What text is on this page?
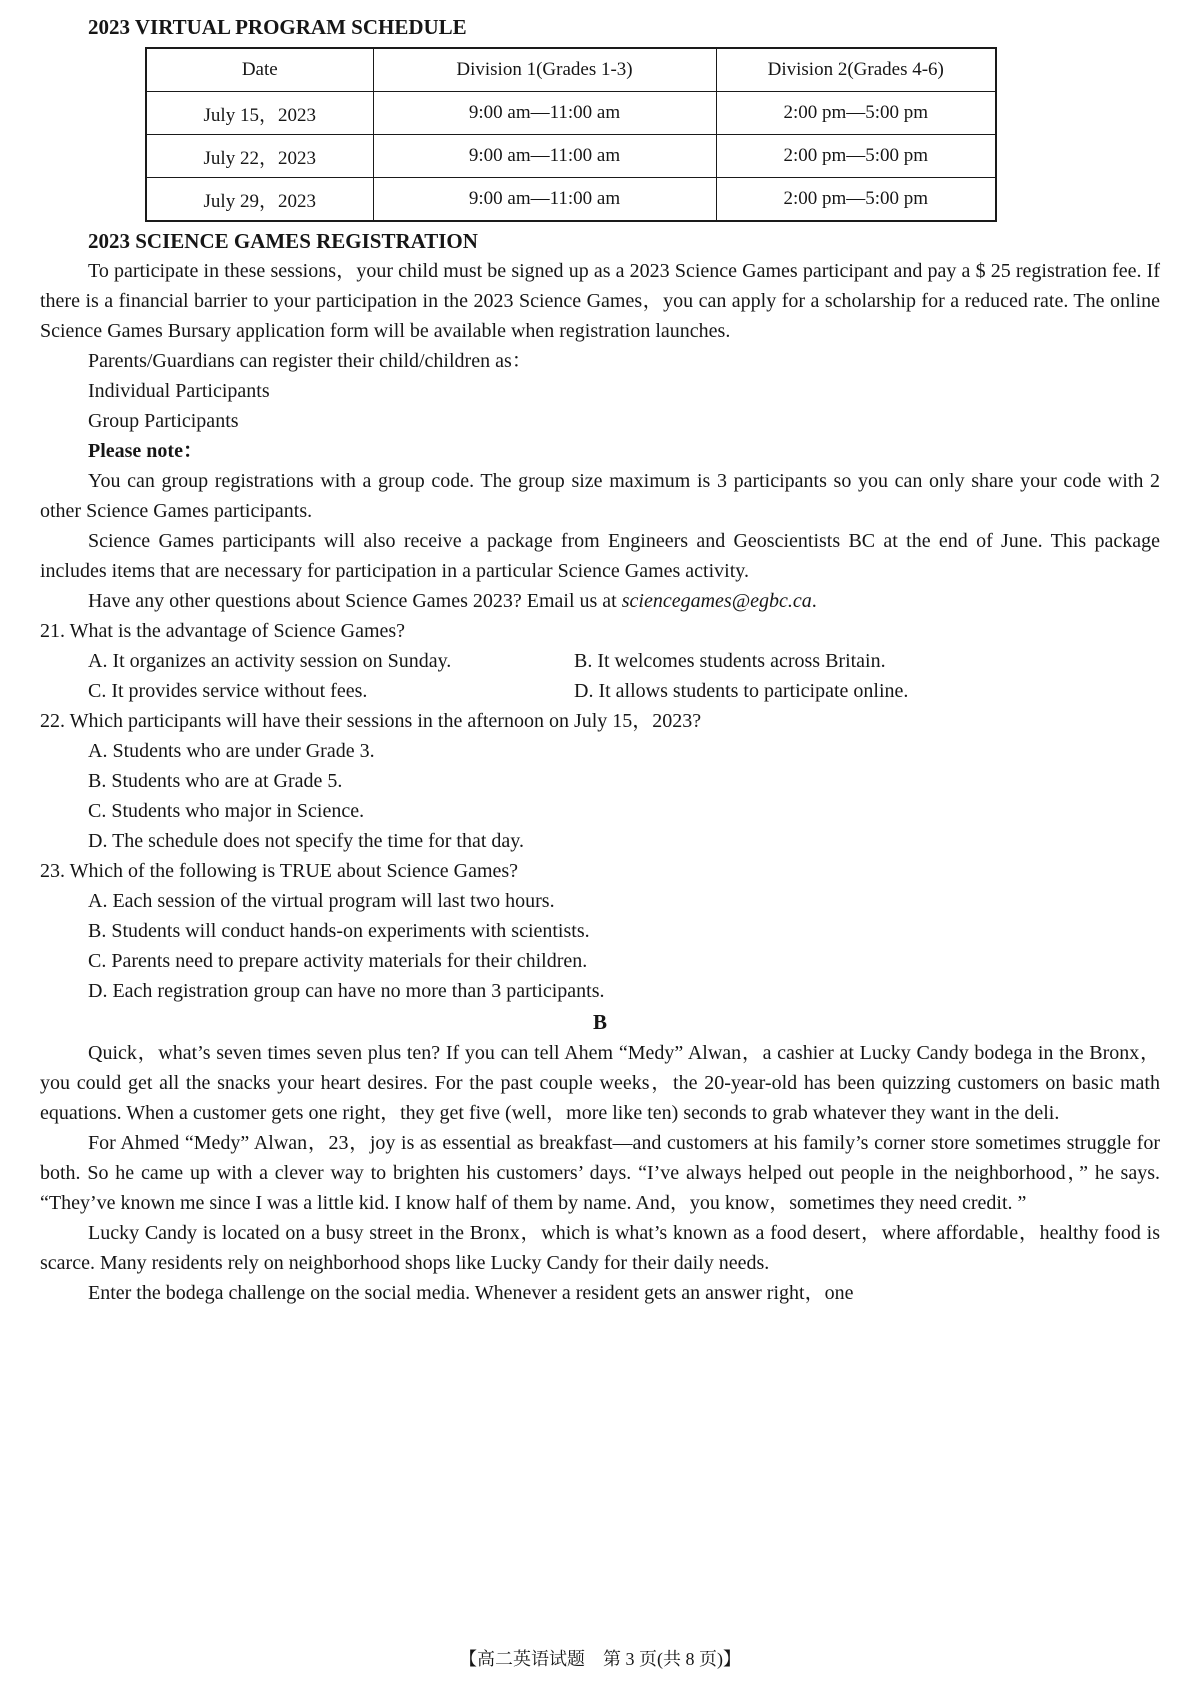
2023 VIRTUAL PROGRAM SCHEDULE
Date	Division 1(Grades 1-3)	Division 2(Grades 4-6)
July 15，2023	9:00 am—11:00 am	2:00 pm—5:00 pm
July 22，2023	9:00 am—11:00 am	2:00 pm—5:00 pm
July 29，2023	9:00 am—11:00 am	2:00 pm—5:00 pm
2023 SCIENCE GAMES REGISTRATION

To participate in these sessions，your child must be signed up as a 2023 Science Games participant and pay a $ 25 registration fee. If there is a financial barrier to your participation in the 2023 Science Games，you can apply for a scholarship for a reduced rate. The online Science Games Bursary application form will be available when registration launches.

Parents/Guardians can register their child/children as：

Individual Participants

Group Participants

Please note：

You can group registrations with a group code. The group size maximum is 3 participants so you can only share your code with 2 other Science Games participants.

Science Games participants will also receive a package from Engineers and Geoscientists BC at the end of June. This package includes items that are necessary for participation in a particular Science Games activity.

Have any other questions about Science Games 2023? Email us at sciencegames@egbc.ca.

21. What is the advantage of Science Games?

A. It organizes an activity session on Sunday.	B. It welcomes students across Britain.
C. It provides service without fees.	D. It allows students to participate online.

22. Which participants will have their sessions in the afternoon on July 15，2023?

A. Students who are under Grade 3.

B. Students who are at Grade 5.

C. Students who major in Science.

D. The schedule does not specify the time for that day.

23. Which of the following is TRUE about Science Games?

A. Each session of the virtual program will last two hours.

B. Students will conduct hands-on experiments with scientists.

C. Parents need to prepare activity materials for their children.

D. Each registration group can have no more than 3 participants.

B

Quick，what’s seven times seven plus ten? If you can tell Ahem “Medy” Alwan，a cashier at Lucky Candy bodega in the Bronx，you could get all the snacks your heart desires. For the past couple weeks，the 20-year-old has been quizzing customers on basic math equations. When a customer gets one right，they get five (well，more like ten) seconds to grab whatever they want in the deli.

For Ahmed “Medy” Alwan，23，joy is as essential as breakfast—and customers at his family’s corner store sometimes struggle for both. So he came up with a clever way to brighten his customers’ days. “I’ve always helped out people in the neighborhood，” he says. “They’ve known me since I was a little kid. I know half of them by name. And，you know，sometimes they need credit. ”

Lucky Candy is located on a busy street in the Bronx，which is what’s known as a food desert，where affordable，healthy food is scarce. Many residents rely on neighborhood shops like Lucky Candy for their daily needs.

Enter the bodega challenge on the social media. Whenever a resident gets an answer right，one

【高二英语试题　第 3 页(共 8 页)】
